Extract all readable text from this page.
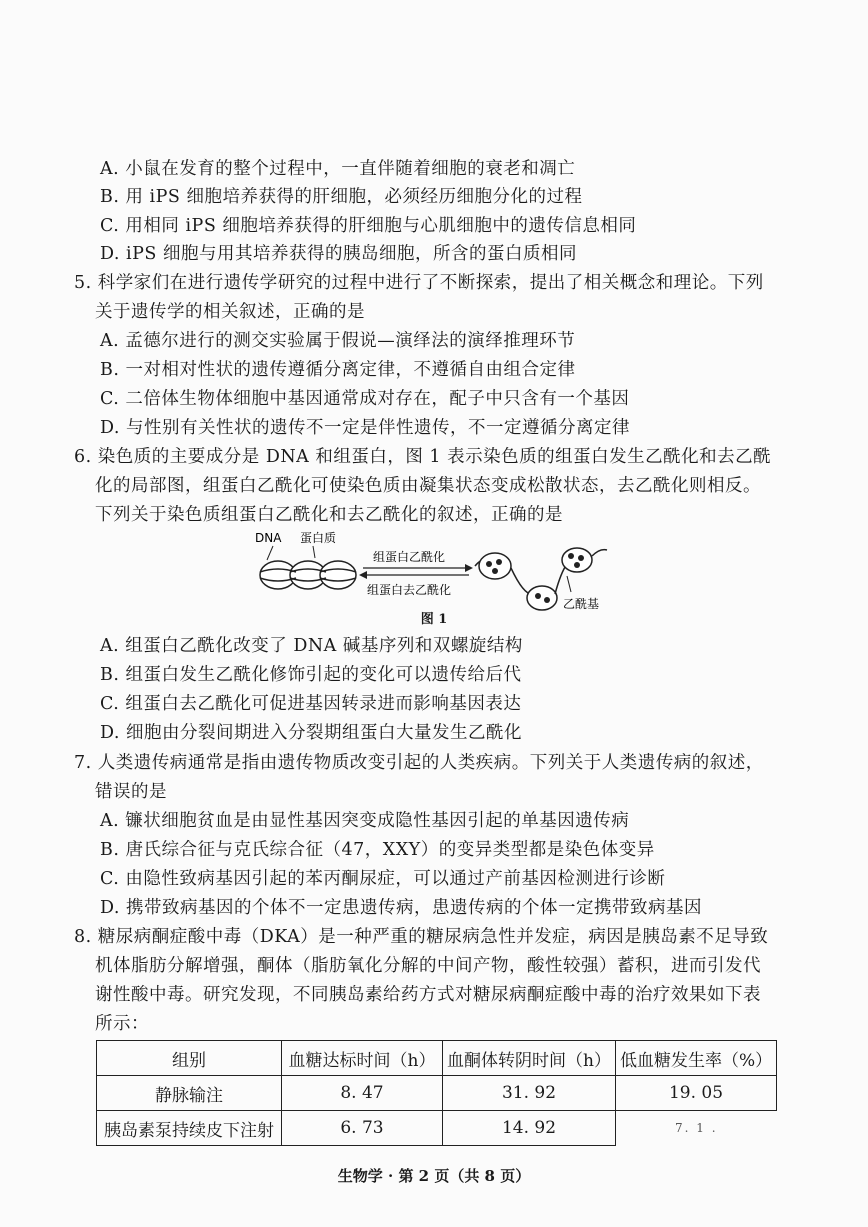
A. 小鼠在发育的整个过程中，一直伴随着细胞的衰老和凋亡
B. 用 iPS 细胞培养获得的肝细胞，必须经历细胞分化的过程
C. 用相同 iPS 细胞培养获得的肝细胞与心肌细胞中的遗传信息相同
D. iPS 细胞与用其培养获得的胰岛细胞，所含的蛋白质相同
5. 科学家们在进行遗传学研究的过程中进行了不断探索，提出了相关概念和理论。下列
关于遗传学的相关叙述，正确的是
A. 孟德尔进行的测交实验属于假说—演绎法的演绎推理环节
B. 一对相对性状的遗传遵循分离定律，不遵循自由组合定律
C. 二倍体生物体细胞中基因通常成对存在，配子中只含有一个基因
D. 与性别有关性状的遗传不一定是伴性遗传，不一定遵循分离定律
6. 染色质的主要成分是 DNA 和组蛋白，图 1 表示染色质的组蛋白发生乙酰化和去乙酰
化的局部图，组蛋白乙酰化可使染色质由凝集状态变成松散状态，去乙酰化则相反。
下列关于染色质组蛋白乙酰化和去乙酰化的叙述，正确的是
DNA 蛋白质
组蛋白乙酰化
组蛋白去乙酰化
乙酰基
图 1
A. 组蛋白乙酰化改变了 DNA 碱基序列和双螺旋结构
B. 组蛋白发生乙酰化修饰引起的变化可以遗传给后代
C. 组蛋白去乙酰化可促进基因转录进而影响基因表达
D. 细胞由分裂间期进入分裂期组蛋白大量发生乙酰化
7. 人类遗传病通常是指由遗传物质改变引起的人类疾病。下列关于人类遗传病的叙述，
错误的是
A. 镰状细胞贫血是由显性基因突变成隐性基因引起的单基因遗传病
B. 唐氏综合征与克氏综合征（47，XXY）的变异类型都是染色体变异
C. 由隐性致病基因引起的苯丙酮尿症，可以通过产前基因检测进行诊断
D. 携带致病基因的个体不一定患遗传病，患遗传病的个体一定携带致病基因
8. 糖尿病酮症酸中毒（DKA）是一种严重的糖尿病急性并发症，病因是胰岛素不足导致
机体脂肪分解增强，酮体（脂肪氧化分解的中间产物，酸性较强）蓄积，进而引发代
谢性酸中毒。研究发现，不同胰岛素给药方式对糖尿病酮症酸中毒的治疗效果如下表
所示：
组别	血糖达标时间（h）	血酮体转阴时间（h）	低血糖发生率（%）
静脉输注	8. 47	31. 92	19. 05
胰岛素泵持续皮下注射	6. 73	14. 92	7. 1 .
生物学 · 第 2 页（共 8 页）
